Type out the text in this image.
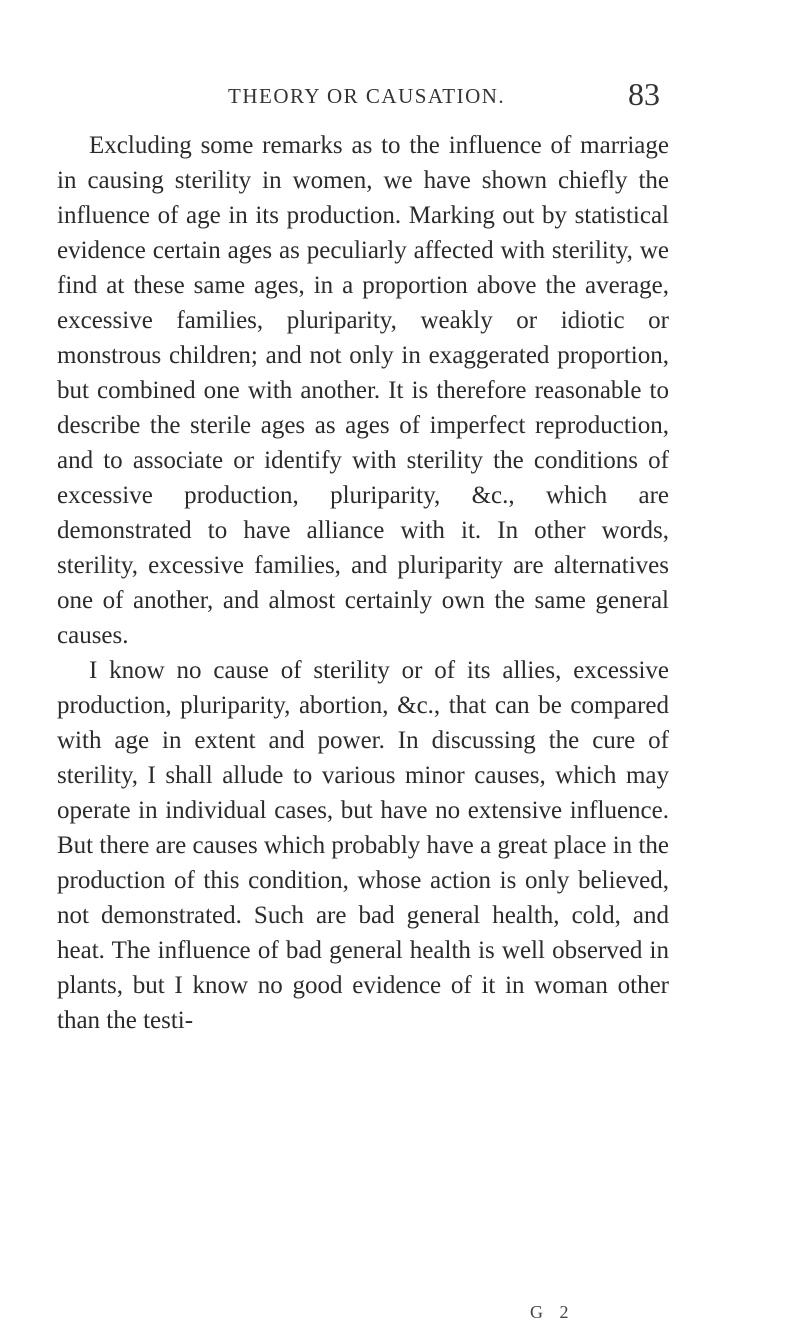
THEORY OR CAUSATION.	83

Excluding some remarks as to the influence of marriage in causing sterility in women, we have shown chiefly the influence of age in its production. Marking out by statistical evidence certain ages as peculiarly affected with sterility, we find at these same ages, in a proportion above the average, excessive families, pluriparity, weakly or idiotic or monstrous children; and not only in exaggerated proportion, but combined one with another. It is therefore reasonable to describe the sterile ages as ages of imperfect reproduction, and to associate or identify with sterility the conditions of excessive production, pluriparity, &c., which are demonstrated to have alliance with it. In other words, sterility, excessive families, and pluriparity are alternatives one of another, and almost certainly own the same general causes.

I know no cause of sterility or of its allies, excessive production, pluriparity, abortion, &c., that can be compared with age in extent and power. In discussing the cure of sterility, I shall allude to various minor causes, which may operate in individual cases, but have no extensive influence. But there are causes which probably have a great place in the production of this condition, whose action is only believed, not demonstrated. Such are bad general health, cold, and heat. The influence of bad general health is well observed in plants, but I know no good evidence of it in woman other than the testi-

G 2
